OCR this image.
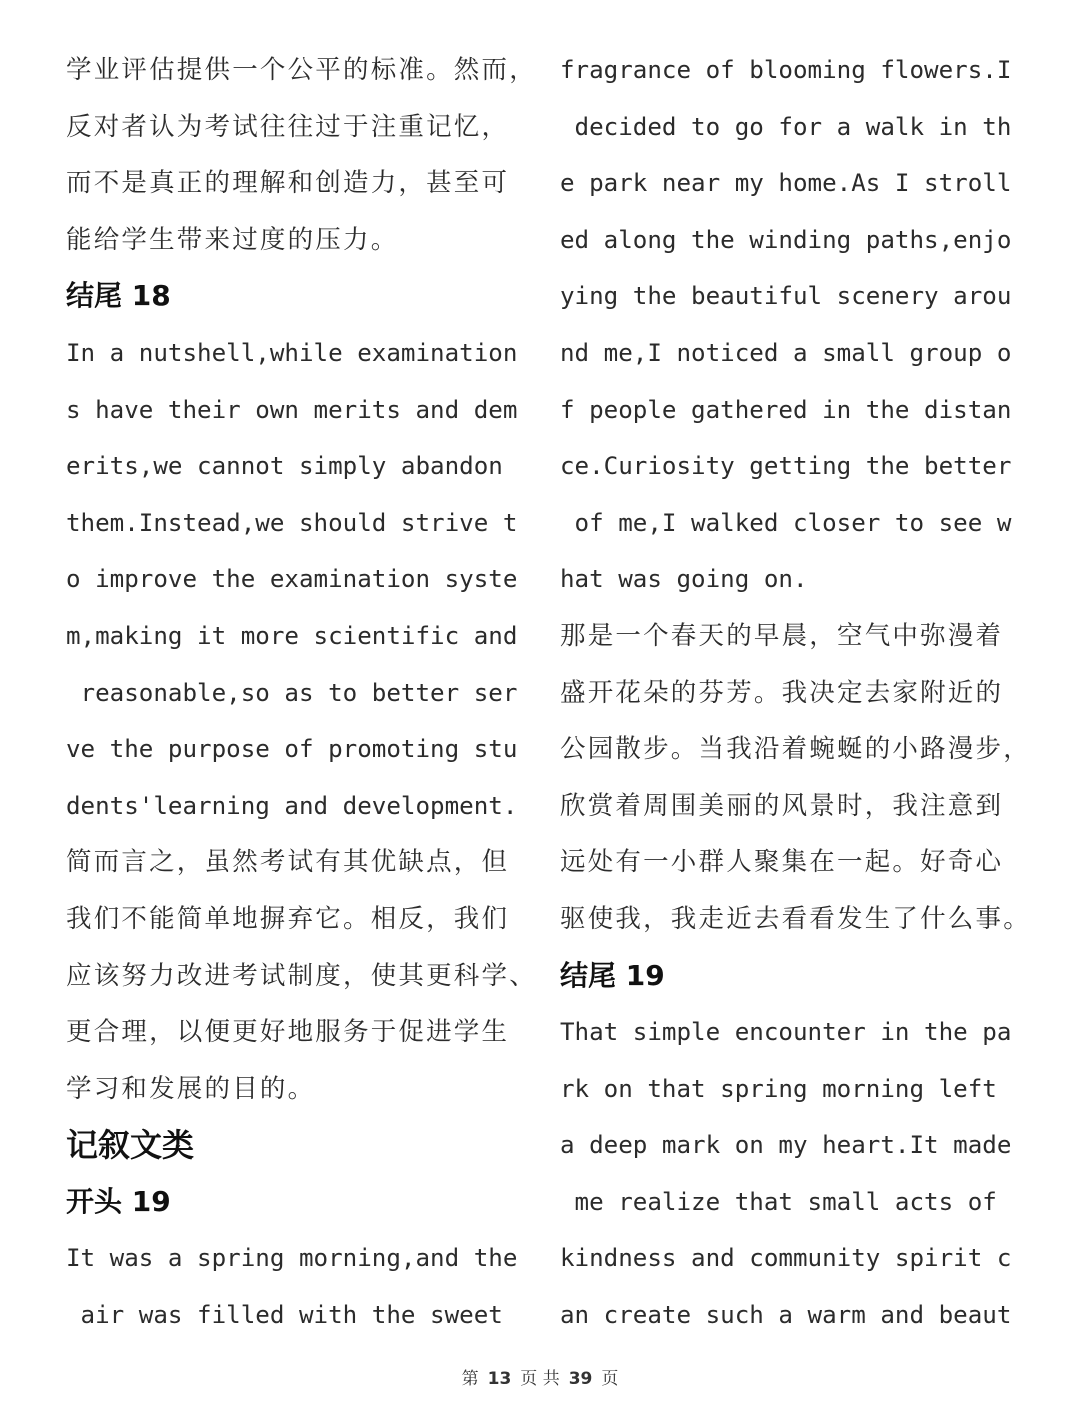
学业评估提供一个公平的标准。然而，
反对者认为考试往往过于注重记忆，
而不是真正的理解和创造力，甚至可
能给学生带来过度的压力。
结尾 18
In a nutshell,while examination
s have their own merits and dem
erits,we cannot simply abandon
them.Instead,we should strive t
o improve the examination syste
m,making it more scientific and
reasonable,so as to better ser
ve the purpose of promoting stu
dents'learning and development.
简而言之，虽然考试有其优缺点，但
我们不能简单地摒弃它。相反，我们
应该努力改进考试制度，使其更科学、
更合理，以便更好地服务于促进学生
学习和发展的目的。
记叙文类
开头 19
It was a spring morning,and the
air was filled with the sweet
fragrance of blooming flowers.I
decided to go for a walk in th
e park near my home.As I stroll
ed along the winding paths,enjo
ying the beautiful scenery arou
nd me,I noticed a small group o
f people gathered in the distan
ce.Curiosity getting the better
of me,I walked closer to see w
hat was going on.
那是一个春天的早晨，空气中弥漫着
盛开花朵的芬芳。我决定去家附近的
公园散步。当我沿着蜿蜒的小路漫步，
欣赏着周围美丽的风景时，我注意到
远处有一小群人聚集在一起。好奇心
驱使我，我走近去看看发生了什么事。
结尾 19
That simple encounter in the pa
rk on that spring morning left
a deep mark on my heart.It made
me realize that small acts of
kindness and community spirit c
an create such a warm and beaut
第 13 页 共 39 页
